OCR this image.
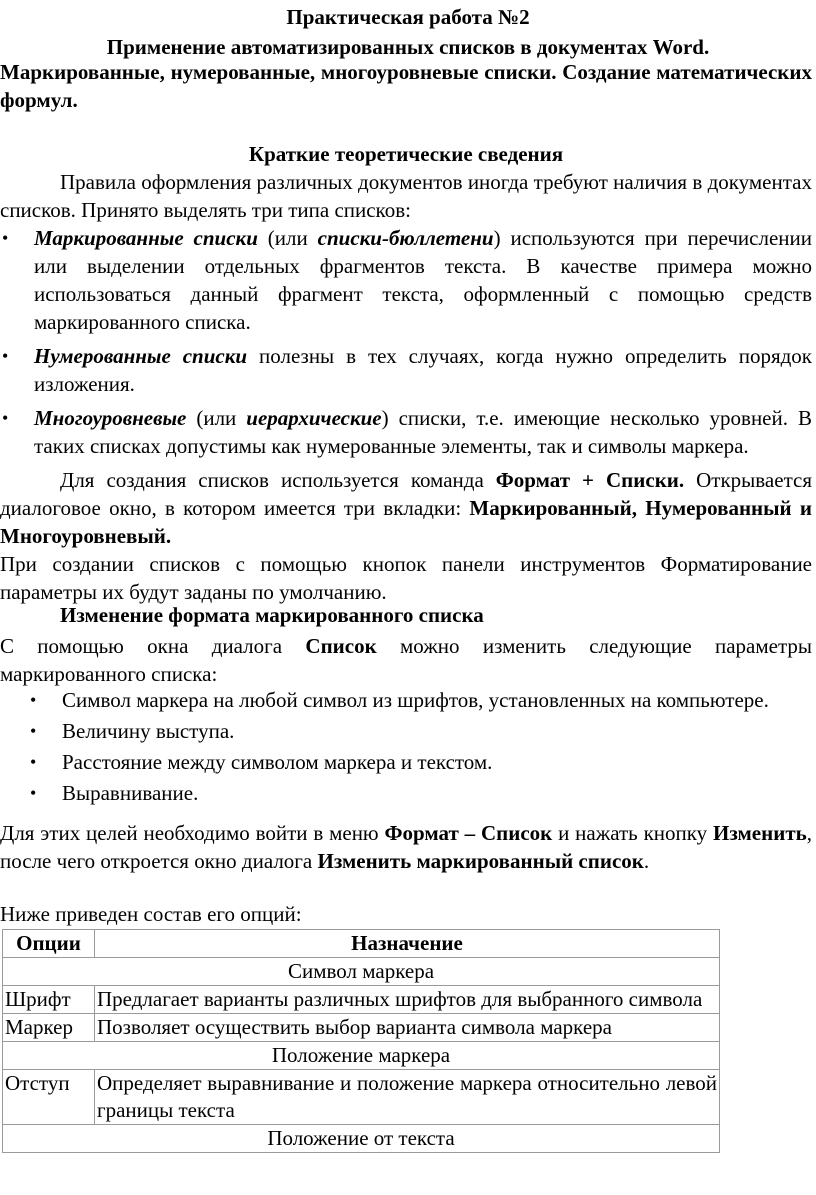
Практическая работа №2

Применение автоматизированных списков в документах Word.

Маркированные, нумерованные, многоуровневые списки. Создание математических формул.

Краткие теоретические сведения

Правила оформления различных документов иногда требуют наличия в документах списков. Принято выделять три типа списков:

• Маркированные списки (или списки-бюллетени) используются при перечислении или выделении отдельных фрагментов текста. В качестве примера можно использоваться данный фрагмент текста, оформленный с помощью средств маркированного списка.
• Нумерованные списки полезны в тех случаях, когда нужно определить порядок изложения.
• Многоуровневые (или иерархические) списки, т.е. имеющие несколько уровней. В таких списках допустимы как нумерованные элементы, так и символы маркера.

Для создания списков используется команда Формат + Списки. Открывается диалоговое окно, в котором имеется три вкладки: Маркированный, Нумерованный и Многоуровневый.

При создании списков с помощью кнопок панели инструментов Форматирование параметры их будут заданы по умолчанию.

Изменение формата маркированного списка

С помощью окна диалога Список можно изменить следующие параметры маркированного списка:

• Символ маркера на любой символ из шрифтов, установленных на компьютере.
• Величину выступа.
• Расстояние между символом маркера и текстом.
• Выравнивание.

Для этих целей необходимо войти в меню Формат – Список и нажать кнопку Изменить, после чего откроется окно диалога Изменить маркированный список.

Ниже приведен состав его опций:

Опции	Назначение
Символ маркера	
Шрифт	Предлагает варианты различных шрифтов для выбранного символа
Маркер	Позволяет осуществить выбор варианта символа маркера
Положение маркера	
Отступ	Определяет выравнивание и положение маркера относительно левой границы текста
Положение от текста	
